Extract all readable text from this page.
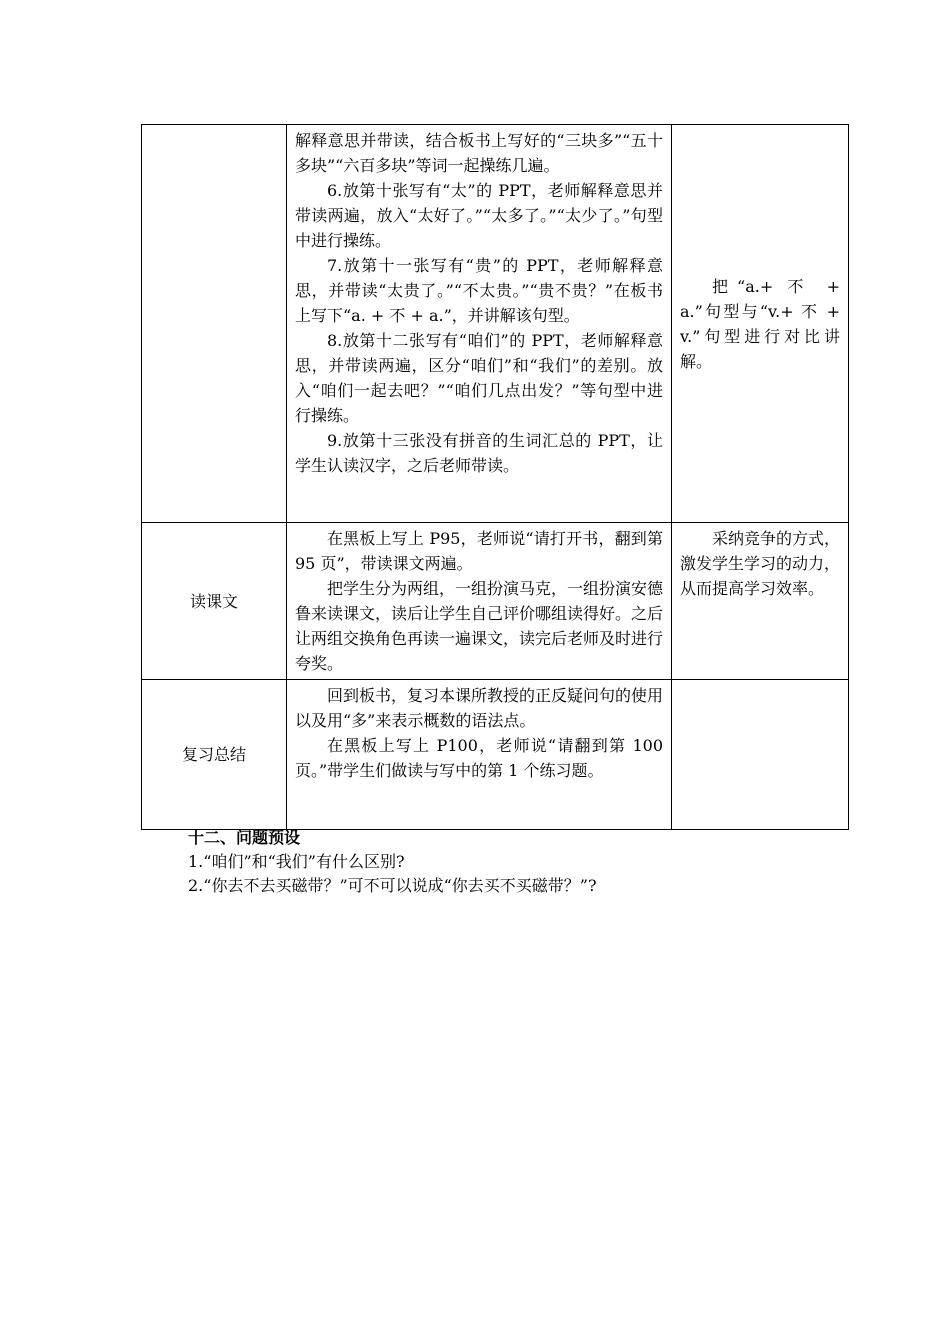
	解释意思并带读，结合板书上写好的“三块多”“五十多块”“六百多块”等词一起操练几遍。

6.放第十张写有“太”的 PPT，老师解释意思并带读两遍，放入“太好了。”“太多了。”“太少了。”句型中进行操练。

7.放第十一张写有“贵”的 PPT，老师解释意思，并带读“太贵了。”“不太贵。”“贵不贵？”在板书上写下“a. + 不 + a.”，并讲解该句型。

8.放第十二张写有“咱们”的 PPT，老师解释意思，并带读两遍，区分“咱们”和“我们”的差别。放入“咱们一起去吧？”“咱们几点出发？”等句型中进行操练。

9.放第十三张没有拼音的生词汇总的 PPT，让学生认读汉字，之后老师带读。	把“a.+ 不 + a.”句型与“v.+ 不 +v.”句型进行对比讲解。

读课文	在黑板上写上 P95，老师说“请打开书，翻到第 95 页”，带读课文两遍。

把学生分为两组，一组扮演马克，一组扮演安德鲁来读课文，读后让学生自己评价哪组读得好。之后让两组交换角色再读一遍课文，读完后老师及时进行夸奖。	采纳竞争的方式，激发学生学习的动力，从而提高学习效率。

复习总结	回到板书，复习本课所教授的正反疑问句的使用以及用“多”来表示概数的语法点。

在黑板上写上 P100，老师说“请翻到第 100 页。”带学生们做读与写中的第 1 个练习题。	

十二、问题预设

1.“咱们”和“我们”有什么区别?

2.“你去不去买磁带？”可不可以说成“你去买不买磁带？”?
